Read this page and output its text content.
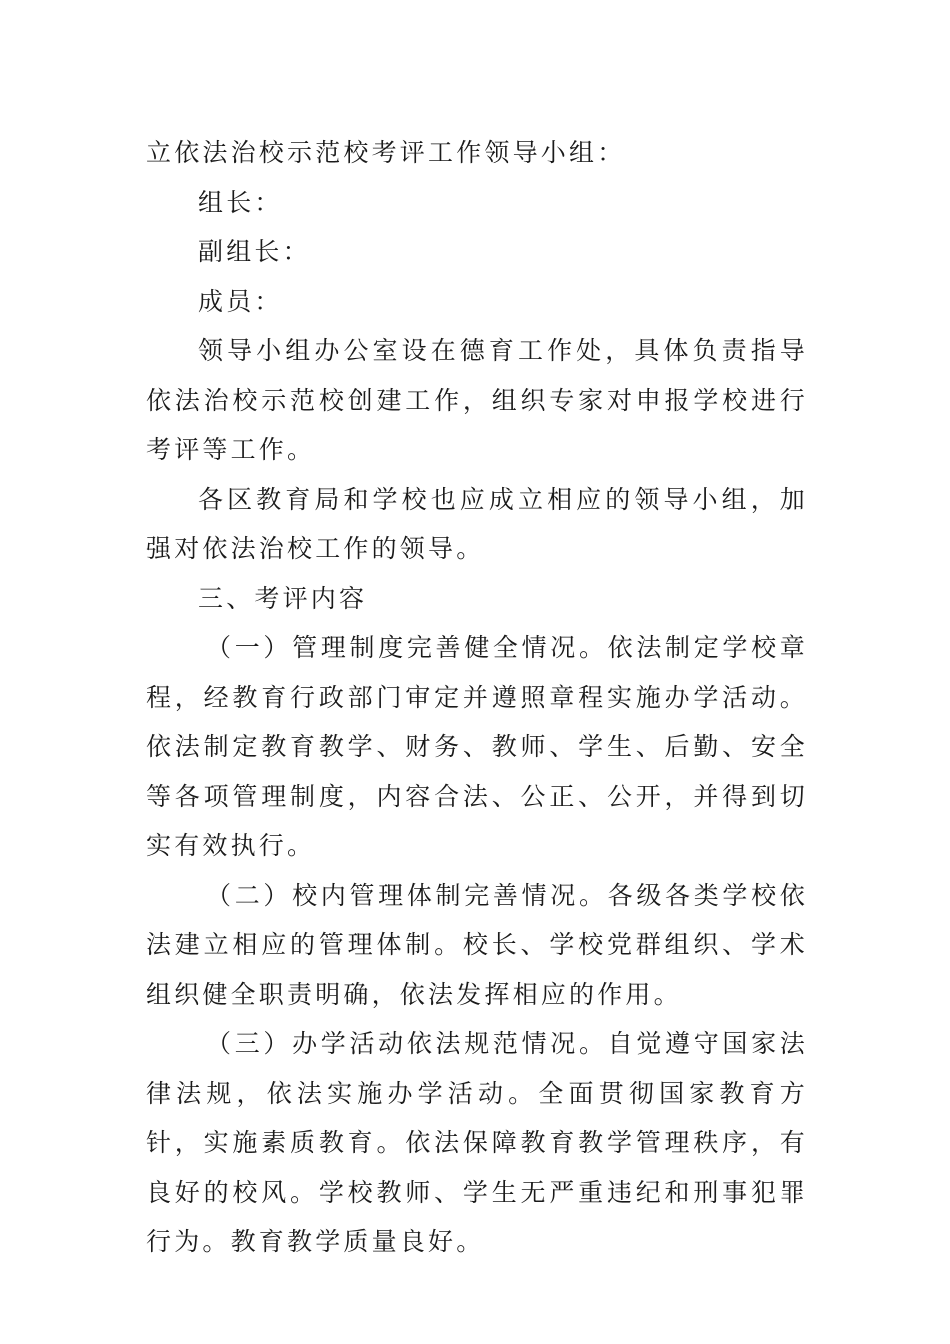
立依法治校示范校考评工作领导小组：

组长：

副组长：

成员：

领导小组办公室设在德育工作处，具体负责指导依法治校示范校创建工作，组织专家对申报学校进行考评等工作。

各区教育局和学校也应成立相应的领导小组，加强对依法治校工作的领导。

三、考评内容

（一）管理制度完善健全情况。依法制定学校章程，经教育行政部门审定并遵照章程实施办学活动。依法制定教育教学、财务、教师、学生、后勤、安全等各项管理制度，内容合法、公正、公开，并得到切实有效执行。

（二）校内管理体制完善情况。各级各类学校依法建立相应的管理体制。校长、学校党群组织、学术组织健全职责明确，依法发挥相应的作用。

（三）办学活动依法规范情况。自觉遵守国家法律法规，依法实施办学活动。全面贯彻国家教育方针，实施素质教育。依法保障教育教学管理秩序，有良好的校风。学校教师、学生无严重违纪和刑事犯罪行为。教育教学质量良好。
